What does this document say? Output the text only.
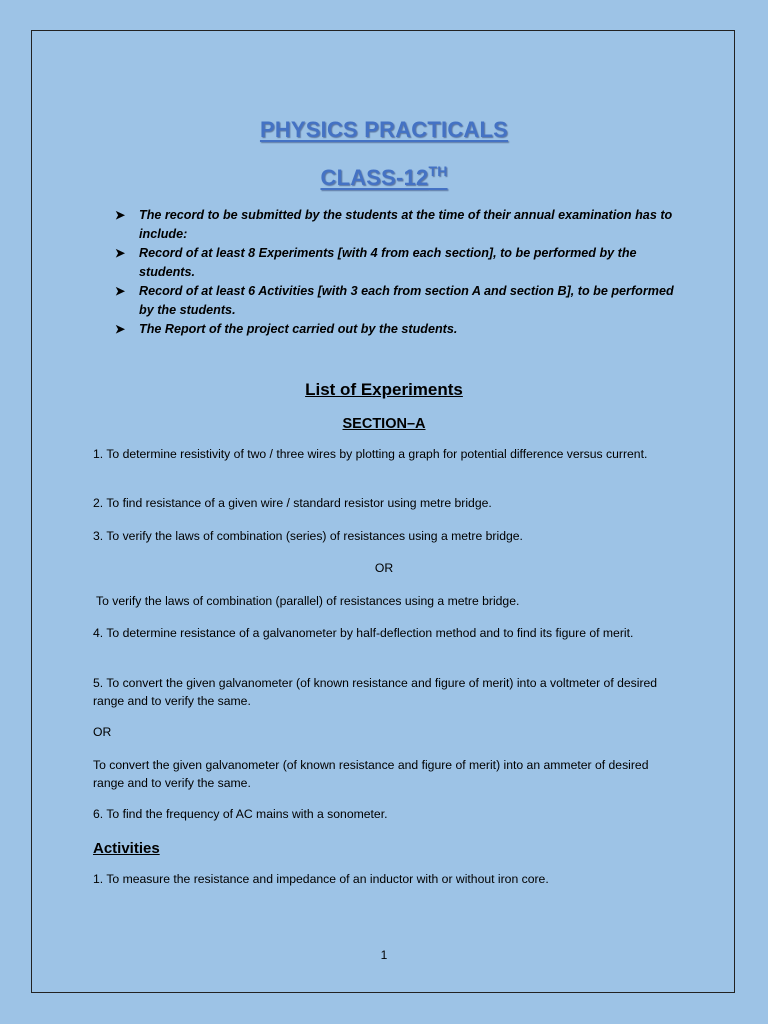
PHYSICS PRACTICALS
CLASS-12TH
➤ The record to be submitted by the students at the time of their annual examination has to include:
➤ Record of at least 8 Experiments [with 4 from each section], to be performed by the students.
➤ Record of at least 6 Activities [with 3 each from section A and section B], to be performed by the students.
➤ The Report of the project carried out by the students.
List of Experiments
SECTION–A

1. To determine resistivity of two / three wires by plotting a graph for potential difference versus current.

2. To find resistance of a given wire / standard resistor using metre bridge.

3. To verify the laws of combination (series) of resistances using a metre bridge.

OR

To verify the laws of combination (parallel) of resistances using a metre bridge.

4. To determine resistance of a galvanometer by half-deflection method and to find its figure of merit.

5. To convert the given galvanometer (of known resistance and figure of merit) into a voltmeter of desired range and to verify the same.

OR

To convert the given galvanometer (of known resistance and figure of merit) into an ammeter of desired range and to verify the same.

6. To find the frequency of AC mains with a sonometer.

Activities

1. To measure the resistance and impedance of an inductor with or without iron core.

1
